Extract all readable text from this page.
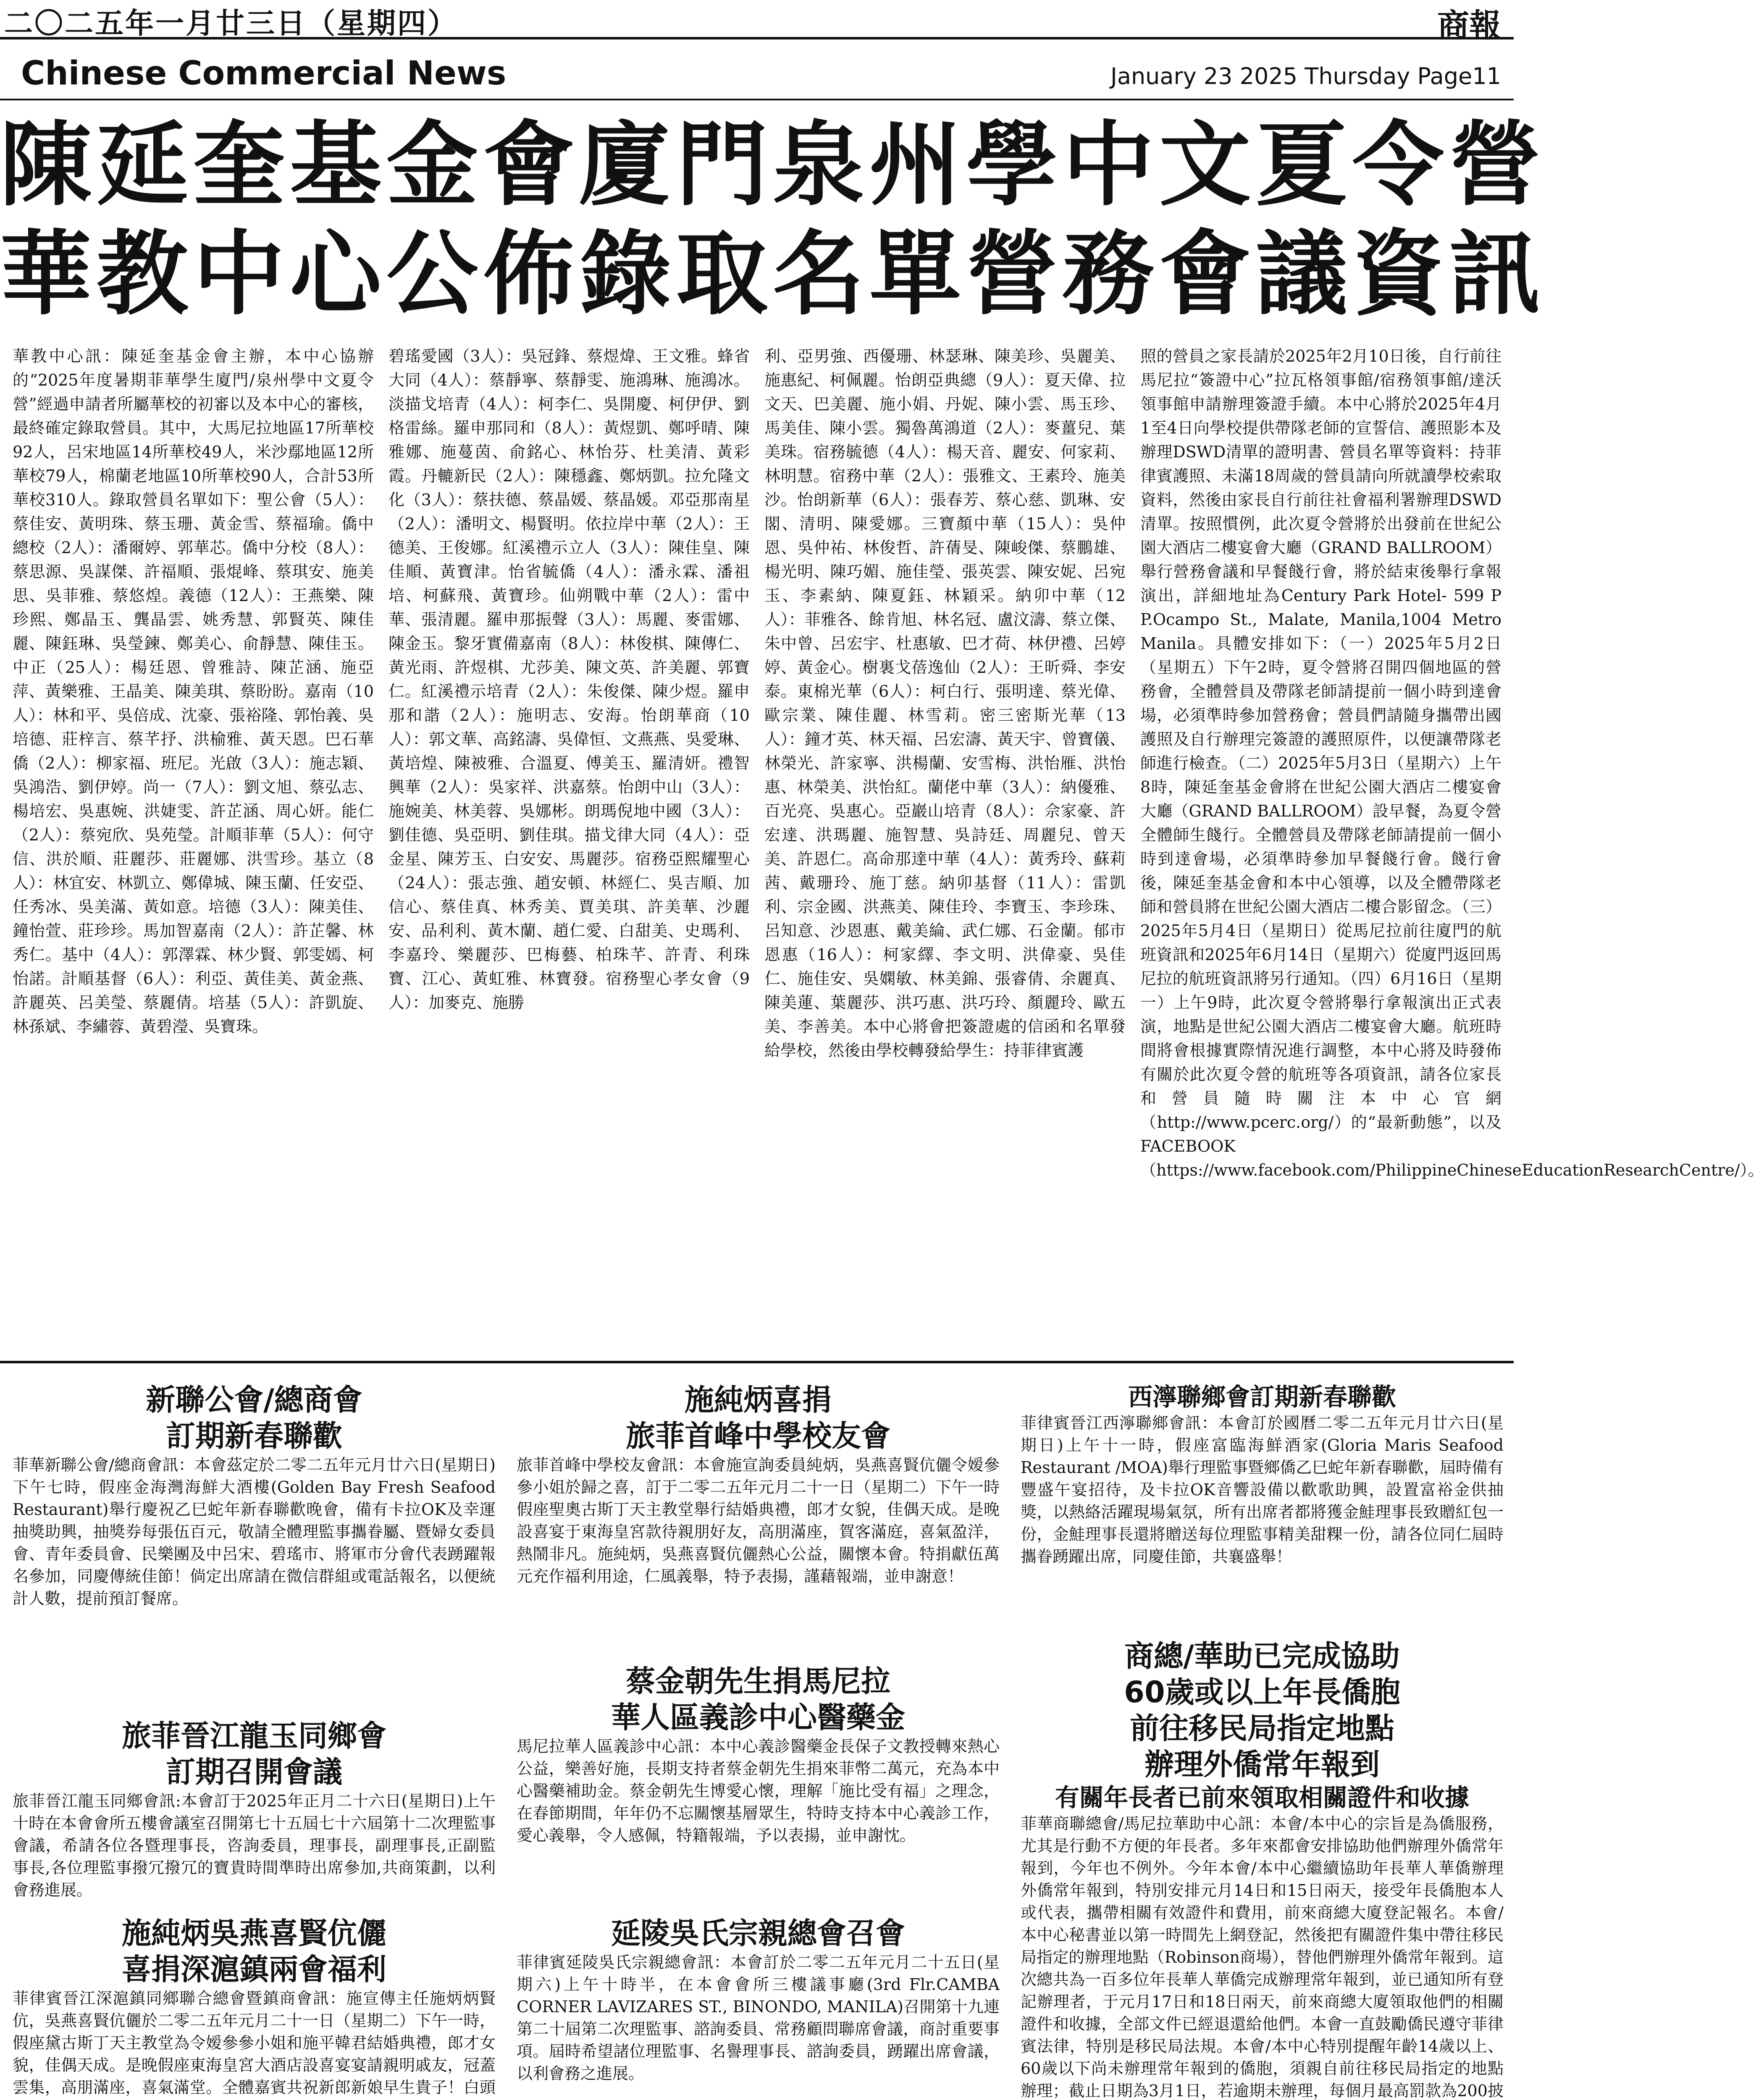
二〇二五年一月廿三日（星期四）	商報
Chinese Commercial News	January 23 2025 Thursday Page11
陳延奎基金會廈門泉州學中文夏令營
華教中心公佈錄取名單營務會議資訊
華教中心訊：陳延奎基金會主辦，本中心協辦的“2025年度暑期菲華學生廈門/泉州學中文夏令營”經過申請者所屬華校的初審以及本中心的審核，最終確定錄取營員。其中，大馬尼拉地區17所華校92人，呂宋地區14所華校49人，米沙鄢地區12所華校79人，棉蘭老地區10所華校90人，合計53所華校310人。錄取營員名單如下：聖公會（5人）：蔡佳安、黃明珠、蔡玉珊、黃金雪、蔡福瑜。僑中總校（2人）：潘爾婷、郭華芯。僑中分校（8人）：蔡思源、吳謀傑、許福順、張焜峰、蔡琪安、施美思、吳菲雅、蔡悠煌。義德（12人）：王燕樂、陳珍熙、鄭晶玉、龔晶雲、姚秀慧、郭賢英、陳佳麗、陳鈺琳、吳瑩鍊、鄭美心、俞靜慧、陳佳玉。中正（25人）：楊廷恩、曾雅詩、陳芷涵、施亞萍、黃樂雅、王晶美、陳美琪、蔡盼盼。嘉南（10人）：林和平、吳倍成、沈豪、張裕隆、郭怡義、吳培德、莊梓言、蔡芊抒、洪榆雅、黃天恩。巴石華僑（2人）：柳家福、班尼。光啟（3人）：施志穎、吳鴻浩、劉伊婷。尚一（7人）：劉文旭、蔡弘志、楊培宏、吳惠婉、洪婕雯、許芷涵、周心妍。能仁（2人）：蔡宛欣、吳苑瑩。計順菲華（5人）：何守信、洪於順、莊麗莎、莊麗娜、洪雪珍。基立（8人）：林宜安、林凱立、鄭偉城、陳玉蘭、任安亞、任秀冰、吳美滿、黃如意。培德（3人）：陳美佳、鐘怡萱、莊珍珍。馬加智嘉南（2人）：許芷馨、林秀仁。基中（4人）：郭澤霖、林少賢、郭雯嫣、柯怡諾。計順基督（6人）：利亞、黃佳美、黃金燕、許麗英、呂美瑩、蔡麗倩。培基（5人）：許凱旋、林孫斌、李繡蓉、黃碧瀅、吳寶珠。
碧瑤愛國（3人）：吳冠鋒、蔡煜煒、王文雅。蜂省大同（4人）：蔡靜寧、蔡靜雯、施鴻琳、施鴻冰。淡描戈培青（4人）：柯李仁、吳開慶、柯伊伊、劉格雷絲。羅申那同和（8人）：黃煜凱、鄭呼晴、陳雅娜、施蔓茵、俞銘心、林怡芬、杜美清、黃彩霞。丹轆新民（2人）：陳穩鑫、鄭炳凱。拉允隆文化（3人）：蔡扶德、蔡晶媛、蔡晶媛。邓亞那南星（2人）：潘明文、楊賢明。依拉岸中華（2人）：王德美、王俊娜。紅溪禮示立人（3人）：陳佳皇、陳佳順、黃寶津。怡省毓僑（4人）：潘永霖、潘祖培、柯蘇飛、黃寶珍。仙朔戰中華（2人）：雷中華、張清麗。羅申那振聲（3人）：馬麗、麥雷娜、陳金玉。黎牙實備嘉南（8人）：林俊棋、陳傳仁、黃光雨、許煜棋、尤莎美、陳文英、許美麗、郭寶仁。紅溪禮示培青（2人）：朱俊傑、陳少煜。羅申那和諧（2人）：施明志、安海。怡朗華商（10人）：郭文華、高銘濤、吳偉恒、文燕燕、吳愛琳、黃培煌、陳被雅、合溫夏、傅美玉、羅清妍。禮智興華（2人）：吳家祥、洪嘉蔡。怡朗中山（3人）：施婉美、林美蓉、吳娜彬。朗瑪倪地中國（3人）：劉佳德、吳亞明、劉佳琪。描戈律大同（4人）：亞金星、陳芳玉、白安安、馬麗莎。宿務亞熙耀聖心（24人）：張志強、趙安頓、林經仁、吳吉順、加信心、蔡佳真、林秀美、賈美琪、許美華、沙麗安、品利利、黃木蘭、趙仁愛、白甜美、史瑪利、李嘉玲、樂麗莎、巴梅藝、柏珠芊、許青、利珠寶、江心、黃虹雅、林寶發。宿務聖心孝女會（9人）：加麥克、施勝
利、亞男強、西優珊、林瑟琳、陳美珍、吳麗美、施惠紀、柯佩麗。怡朗亞典總（9人）：夏天偉、拉文天、巴美麗、施小娟、丹妮、陳小雲、馬玉珍、馬美佳、陳小雲。獨魯萬鴻道（2人）：麥薑兒、葉美珠。宿務毓德（4人）：楊天音、麗安、何家莉、林明慧。宿務中華（2人）：張雅文、王素玲、施美沙。怡朗新華（6人）：張春芳、蔡心慈、凱琳、安閣、清明、陳愛娜。三寶顏中華（15人）：吳仲恩、吳仲祐、林俊哲、許蒨旻、陳峻傑、蔡鵬雄、楊光明、陳巧媚、施佳瑩、張英雲、陳安妮、呂宛玉、李素納、陳夏鈺、林穎采。納卯中華（12人）：菲雅各、餘肯旭、林名冠、盧汶濤、蔡立傑、朱中曾、呂宏宇、杜惠敏、巴才荷、林伊禮、呂婷婷、黃金心。樹裏戈蓓逸仙（2人）：王昕舜、李安泰。東棉光華（6人）：柯白行、張明達、蔡光偉、歐宗業、陳佳麗、林雪莉。密三密斯光華（13人）：鐘才英、林天福、呂宏濤、黃天宇、曾寶儀、林榮光、許家寧、洪楊蘭、安雪梅、洪怡雁、洪怡惠、林榮美、洪怡紅。蘭佬中華（3人）：納優雅、百光亮、吳惠心。亞巖山培青（8人）：佘家豪、許宏達、洪瑪麗、施智慧、吳詩廷、周麗兒、曾天美、許恩仁。高命那達中華（4人）：黃秀玲、蘇莉茜、戴珊玲、施丁慈。納卯基督（11人）：雷凱利、宗金國、洪燕美、陳佳玲、李寶玉、李珍珠、呂知意、沙恩惠、戴美綸、武仁娜、石金蘭。郁市恩惠（16人）：柯家繹、李文明、洪偉豪、吳佳仁、施佳安、吳嫻敏、林美錦、張睿倩、余麗真、陳美蓮、葉麗莎、洪巧惠、洪巧玲、顏麗玲、歐五美、李善美。本中心將會把簽證處的信函和名單發給學校，然後由學校轉發給學生：持菲律賓護
照的營員之家長請於2025年2月10日後，自行前往馬尼拉“簽證中心”拉瓦格領事館/宿務領事館/達沃領事館申請辦理簽證手續。本中心將於2025年4月1至4日向學校提供帶隊老師的宣誓信、護照影本及辦理DSWD清單的證明書、營員名單等資料：持菲律賓護照、未滿18周歲的營員請向所就讀學校索取資料，然後由家長自行前往社會福利署辦理DSWD清單。按照慣例，此次夏令營將於出發前在世紀公園大酒店二樓宴會大廳（GRAND BALLROOM）舉行營務會議和早餐餞行會，將於結束後舉行拿報演出，詳細地址為Century Park Hotel- 599 P P.Ocampo St., Malate, Manila,1004 Metro Manila。具體安排如下：（一）2025年5月2日（星期五）下午2時，夏令營將召開四個地區的營務會，全體營員及帶隊老師請提前一個小時到達會場，必須準時參加營務會；營員們請隨身攜帶出國護照及自行辦理完簽證的護照原件，以便讓帶隊老師進行檢查。（二）2025年5月3日（星期六）上午8時，陳延奎基金會將在世紀公園大酒店二樓宴會大廳（GRAND BALLROOM）設早餐，為夏令營全體師生餞行。全體營員及帶隊老師請提前一個小時到達會場，必須準時參加早餐餞行會。餞行會後，陳延奎基金會和本中心領導，以及全體帶隊老師和營員將在世紀公園大酒店二樓合影留念。（三）2025年5月4日（星期日）從馬尼拉前往廈門的航班資訊和2025年6月14日（星期六）從廈門返回馬尼拉的航班資訊將另行通知。（四）6月16日（星期一）上午9時，此次夏令營將舉行拿報演出正式表演，地點是世紀公園大酒店二樓宴會大廳。航班時間將會根據實際情況進行調整，本中心將及時發佈有關於此次夏令營的航班等各項資訊，請各位家長和營員隨時關注本中心官網（http://www.pcerc.org/）的“最新動態”，以及FACEBOOK（https://www.facebook.com/PhilippineChineseEducationResearchCentre/）。
新聯公會/總商會
訂期新春聯歡
菲華新聯公會/總商會訊：本會茲定於二零二五年元月廿六日(星期日)下午七時，假座金海灣海鮮大酒樓(Golden Bay Fresh Seafood Restaurant)舉行慶祝乙巳蛇年新春聯歡晚會，備有卡拉OK及幸運抽獎助興，抽獎券每張伍百元，敬請全體理監事攜眷屬、暨婦女委員會、青年委員會、民樂團及中呂宋、碧瑤市、將軍市分會代表踴躍報名參加，同慶傳統佳節！倘定出席請在微信群組或電話報名，以便統計人數，提前預訂餐席。
旅菲晉江龍玉同鄉會
訂期召開會議
旅菲晉江龍玉同鄉會訊:本會訂于2025年正月二十六日(星期日)上午十時在本會會所五樓會議室召開第七十五屆七十六屆第十二次理監事會議，希請各位各暨理事長，咨詢委員，理事長，副理事長,正副監事長,各位理監事撥冗撥冗的寶貴時間準時出席參加,共商策劃，以利會務進展。
施純炳吳燕喜賢伉儷
喜捐深滬鎮兩會福利
菲律賓晉江深滬鎮同鄉聯合總會暨鎮商會訊：施宣傳主任施炳炳賢伉，吳燕喜賢伉儷於二零二五年元月二十一日（星期二）下午一時，假座黛古斯丁天主教堂為令嫒參參小姐和施平韓君結婚典禮，郎才女貌，佳偶天成。是晚假座東海皇宮大酒店設喜宴宴請親明戚友，冠蓋雲集，高朋滿座，喜氣滿堂。全體嘉賓共祝新郎新娘早生貴子！白頭
施純炳喜捐
旅菲首峰中學校友會
旅菲首峰中學校友會訊：本會施宣詢委員純炳，吳燕喜賢伉儷令嫒參參小姐於歸之喜，訂于二零二五年元月二十一日（星期二）下午一時假座聖奧古斯丁天主教堂舉行結婚典禮，郎才女貌，佳偶天成。是晚設喜宴于東海皇宮款待親朋好友，高朋滿座，賀客滿庭，喜氣盈洋，熱鬧非凡。施純炳，吳燕喜賢伉儷熱心公益，關懷本會。特捐獻伍萬元充作福利用途，仁風義舉，特予表揚，謹藉報端，並申謝意！
蔡金朝先生捐馬尼拉
華人區義診中心醫藥金
馬尼拉華人區義診中心訊：本中心義診醫藥金長保子文教授轉來熱心公益，樂善好施，長期支持者蔡金朝先生捐來菲幣二萬元，充為本中心醫藥補助金。蔡金朝先生博愛心懷，理解「施比受有福」之理念，在春節期間，年年仍不忘關懷基層眾生，特時支持本中心義診工作，愛心義舉，令人感佩，特籍報端，予以表揚，並申謝忱。
延陵吳氏宗親總會召會
菲律賓延陵吳氏宗親總會訊：本會訂於二零二五年元月二十五日(星期六)上午十時半，在本會會所三樓議事廳(3rd Flr.CAMBA CORNER LAVIZARES ST., BINONDO, MANILA)召開第十九連第二十屆第二次理監事、諮詢委員、常務顧問聯席會議，商討重要事項。屆時希望諸位理監事、名譽理事長、諮詢委員，踴躍出席會議，以利會務之進展。
西濘聯鄉會訂期新春聯歡
菲律賓晉江西濘聯鄉會訊：本會訂於國曆二零二五年元月廿六日(星期日)上午十一時，假座富臨海鮮酒家(Gloria Maris Seafood Restaurant /MOA)舉行理監事暨鄉僑乙巳蛇年新春聯歡，屆時備有豐盛午宴招待，及卡拉OK音響設備以歡歌助興，設置富裕金供抽獎，以熱絡活躍現場氣氛，所有出席者都將獲金鮭理事長致贈紅包一份，金鮭理事長還將贈送每位理監事精美甜粿一份，請各位同仁屆時攜眷踴躍出席，同慶佳節，共襄盛舉！
商總/華助已完成協助
60歲或以上年長僑胞
前往移民局指定地點
辦理外僑常年報到
有關年長者已前來領取相關證件和收據
菲華商聯總會/馬尼拉華助中心訊：本會/本中心的宗旨是為僑服務，尤其是行動不方便的年長者。多年來都會安排協助他們辦理外僑常年報到，今年也不例外。今年本會/本中心繼續協助年長華人華僑辦理外僑常年報到，特別安排元月14日和15日兩天，接受年長僑胞本人或代表，攜帶相關有效證件和費用，前來商總大廈登記報名。本會/本中心秘書並以第一時間先上網登記，然後把有關證件集中帶往移民局指定的辦理地點（Robinson商場），替他們辦理外僑常年報到。這次總共為一百多位年長華人華僑完成辦理常年報到，並已通知所有登記辦理者，于元月17日和18日兩天，前來商總大廈領取他們的相關證件和收據，全部文件已經退還給他們。本會一直鼓勵僑民遵守菲律賓法律，特別是移民局法規。本會/本中心特別提醒年齡14歲以上、60歲以下尚未辦理常年報到的僑胞，須親自前往移民局指定的地點辦理；截止日期為3月1日，若逾期未辦理，每個月最高罰款為200披
